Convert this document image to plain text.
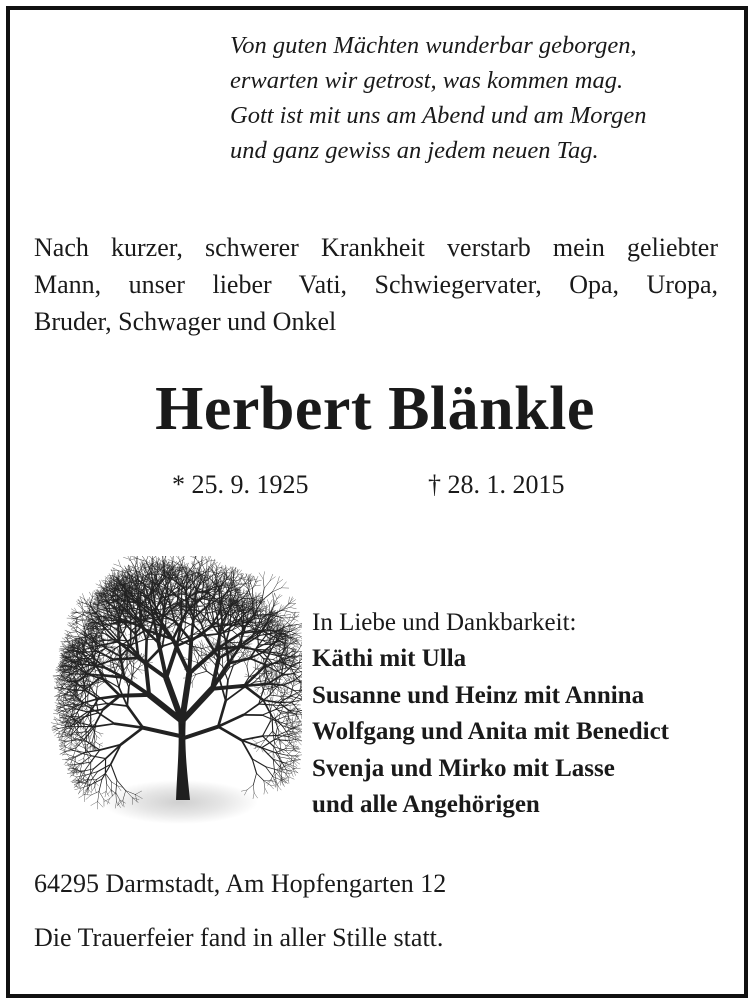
Von guten Mächten wunderbar geborgen,
erwarten wir getrost, was kommen mag.
Gott ist mit uns am Abend und am Morgen
und ganz gewiss an jedem neuen Tag.
Nach kurzer, schwerer Krankheit verstarb mein geliebter
Mann, unser lieber Vati, Schwiegervater, Opa, Uropa,
Bruder, Schwager und Onkel
Herbert Blänkle
* 25. 9. 1925	† 28. 1. 2015
In Liebe und Dankbarkeit:
Käthi mit Ulla
Susanne und Heinz mit Annina
Wolfgang und Anita mit Benedict
Svenja und Mirko mit Lasse
und alle Angehörigen
64295 Darmstadt, Am Hopfengarten 12
Die Trauerfeier fand in aller Stille statt.
